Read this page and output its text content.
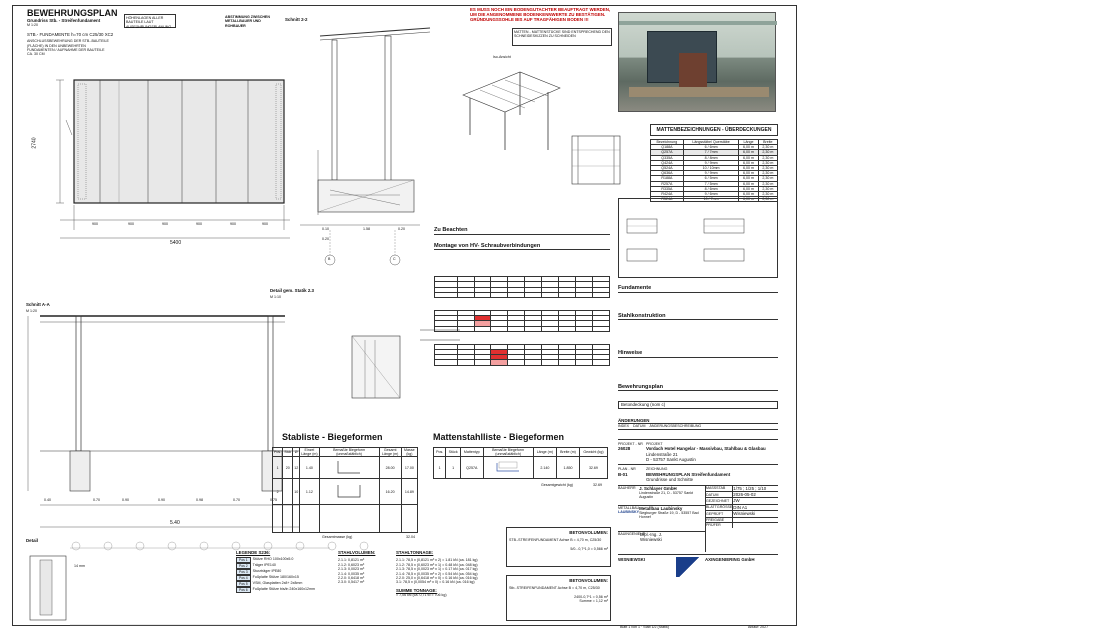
BEWEHRUNGSPLAN
Grundriss Stb. - Streifenfundament
M 1:20
STB.- FUNDAMENTE h=70 cm C25/30 XC2
ANSCHLUSSBEWEHRUNG DER STB.-BAUTEILE (FLÄCHE) IN DEN UNBEWEHRTEN FUNDAMENTEN / AUFNAHME DER BAUTEILE CA. 30 CM
HÖHENLAGEN ALLER BAUTEILE LAUT AUSFÜHRUNGSPLANUNG
ABSTIMMUNG ZWISCHEN METALLBAUER UND ROHBAUER
5400
2740
900	900	900	900	900	900
Schnitt 2-2
Iso-Ansicht
0.10	1.58	0.20
0.20
B	C
Detail gem. Statik 2.3
M 1:10
Schnitt A-A
M 1:20
0.40	0.70	0.90	0.90	0.98	0.70	0.75
5.40
Detail
14 mm
Stabliste - Biegeformen
Pos.	Stck	Ø	Einzel Länge (m)	Bemaßte Biegeform (unmaßstäblich)	Gesamt Länge (m)	Masse (kg)
1	20	12	1.40		28.00	17.00
2		10	1.12		16.20	14.89

Gesamtmasse (kg)	32.04
Mattenstahlliste - Biegeformen
Pos.	Stück	Mattentyp	Bemaßte Biegeform (unmaßstäblich)	Länge (m)	Breite (m)	Gewicht (kg)
1	1	Q257A		2.140	1.850	32.69
Gesamtgewicht (kg)	32.69
LEGENDE S236:
Pos 1	Stütze RHO 100x100x5.0
Pos 2	Träger IPE140
Pos 3	Sturzträger IPE80
Pos 4	Fußplatte Stütze 180/160x15
Pos 5	VSM, Glasplatten 2x8+ 2x8mm
Pos 6	Fußplatte Stütze bis/in 240x160x12mm
STAHLVOLUMEN:
2.1.1: 0,8121 m³
2.1.2: 0,6023 m³
2.1.3: 0,0023 m³
2.1.4: 0,0035 m³
2.2.0: 0,6418 m³
2.3.0: 0,5417 m³
STAHLTONNAGE:
2.1.1: 78,5 x (0,8121 m³ x 2) = 1.81 kN (ca. 181 kg)
2.1.2: 78,5 x (0,6023 m³ x 1) = 0.48 kN (ca. 048 kg)
2.1.3: 78,5 x (0,0023 m³ x 1) = 0.17 kN (ca. 017 kg)
2.1.4: 78,5 x (0,0035 m³ x 2) = 0.54 kN (ca. 054 kg)
2.2.0: 25,0 x (0,6418 m³ x 0) = 0.16 kN (ca. 016 kg)
3.1: 78,5 x (0,0054 m³ x 0) = 0.16 kN (ca. 016 kg)
SUMME TONNAGE:
= 7,06 kN (ca. 0,71 to = 706 kg)
BETONVOLUMEN:
STB.-STREIFENFUNDAMENT Achse B = 4,70 m, C25/30
5/0...0,7*1,0 = 0,566 m³
BETONVOLUMEN:
Stb.-STREIFENFUNDAMENT Achse B = 4,70 m, C25/30
2400-0,7*1 = 0,56 m³
Summe = 1,12 m³
ES MUSS NOCH EIN BODENGUTACHTER BEAUFTRAGT WERDEN, UM DIE ANGENOMMENE BODENKENNWERTE ZU BESTÄTIGEN. GRÜNDUNGSSOHLE BIS AUF TRAGFÄHIGEN BODEN !!!
MATTEN - MATTENSTÜCKE SIND ENTSPRECHEND DEN SCHNEIDESKIZZEN ZU SCHNEIDEN
MATTENBEZEICHNUNGEN - ÜBERDECKUNGEN
Bezeichnung	Längsstäbe/ Querstäbe	Länge	Breite
Q188A	6 / 6mm	6,00 m	2,30 m
Q257A	7 / 7mm	6,00 m	2,30 m
Q335A	8 / 8mm	6,00 m	2,30 m
Q424A	9 / 9mm	6,00 m	2,30 m
Q524A	10 / 10mm	6,00 m	2,30 m
Q636A	9 / 9mm	6,00 m	2,30 m
R188A	6 / 5mm	6,00 m	2,30 m
R257A	7 / 5mm	6,00 m	2,30 m
R335A	8 / 6mm	6,00 m	2,30 m
R424A	9 / 6mm	6,00 m	2,30 m
R524A	10 / 7mm	6,00 m	2,30 m
Zu Beachten
Montage von HV- Schraubverbindungen

Fundamente
Stahlkonstruktion
Hinweise
Bewehrungsplan
Betondeckung (nom c)
ÄNDERUNGEN
INDEX DATUM ÄNDERUNGSBESCHREIBUNG
PROJEKT - NR
26028
PROJEKT
Vordach Hotel Hangelar - Massivbau, Stahlbau & Glasbau
Lindenstraße 21
D - 53757 Sankt Augustin
PLAN - NR
B-01
ZEICHNUNG
BEWEHRUNGSPLAN Streifenfundament
Grundrisse und Schnitte
BAUHERR J. Schlayer GmbH
Lindenstraße 21, D - 53757 Sankt Augustin
METALLBAU
LAUBINSKY
Metallbau Laubinsky
Siegburger Straße 19, D - 53557 Bad Honnef
BAUINGENIEUR
Dipl.-Ing. J.
Wisniewski
MASSSTAB	1/75 ; 1/25 ; 1/10
DATUM	2026-05-02
GEZEICHNET	JW
BLATTGRÖSSE	DIN A1
GEPRÜFT	Wisniewski
FREIGABE	
PRÜFER	
WISNIEWSKI	AXINGENIERING GmbH
Blatt 1 von 1 · Stab 1/2 (Statik)	Ablauf: 2027
